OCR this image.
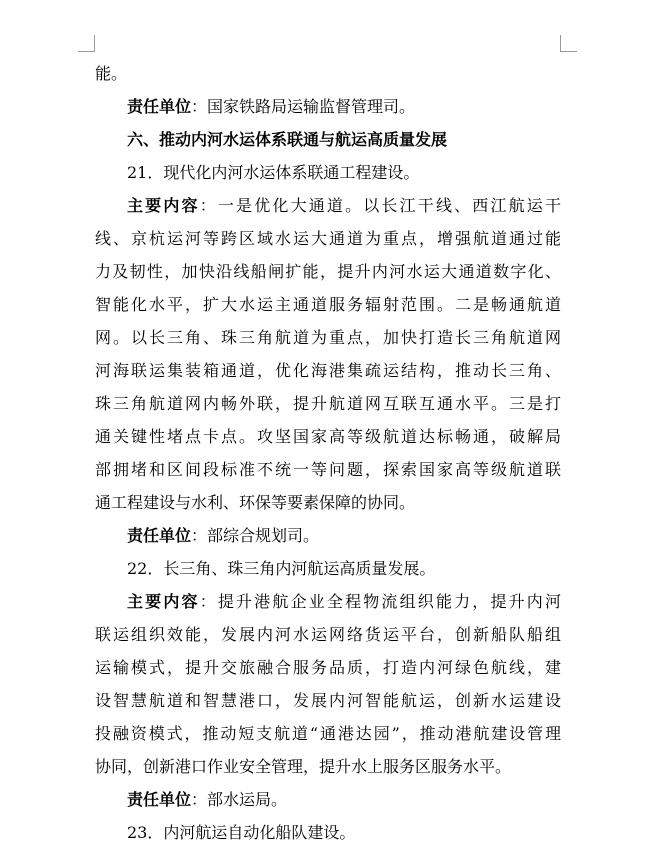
能。
责任单位：国家铁路局运输监督管理司。
六、推动内河水运体系联通与航运高质量发展
21．现代化内河水运体系联通工程建设。
主要内容：一是优化大通道。以长江干线、西江航运干
线、京杭运河等跨区域水运大通道为重点，增强航道通过能
力及韧性，加快沿线船闸扩能，提升内河水运大通道数字化、
智能化水平，扩大水运主通道服务辐射范围。二是畅通航道
网。以长三角、珠三角航道为重点，加快打造长三角航道网
河海联运集装箱通道，优化海港集疏运结构，推动长三角、
珠三角航道网内畅外联，提升航道网互联互通水平。三是打
通关键性堵点卡点。攻坚国家高等级航道达标畅通，破解局
部拥堵和区间段标准不统一等问题，探索国家高等级航道联
通工程建设与水利、环保等要素保障的协同。
责任单位：部综合规划司。
22．长三角、珠三角内河航运高质量发展。
主要内容：提升港航企业全程物流组织能力，提升内河
联运组织效能，发展内河水运网络货运平台，创新船队船组
运输模式，提升交旅融合服务品质，打造内河绿色航线，建
设智慧航道和智慧港口，发展内河智能航运，创新水运建设
投融资模式，推动短支航道“通港达园”，推动港航建设管理
协同，创新港口作业安全管理，提升水上服务区服务水平。
责任单位：部水运局。
23．内河航运自动化船队建设。
